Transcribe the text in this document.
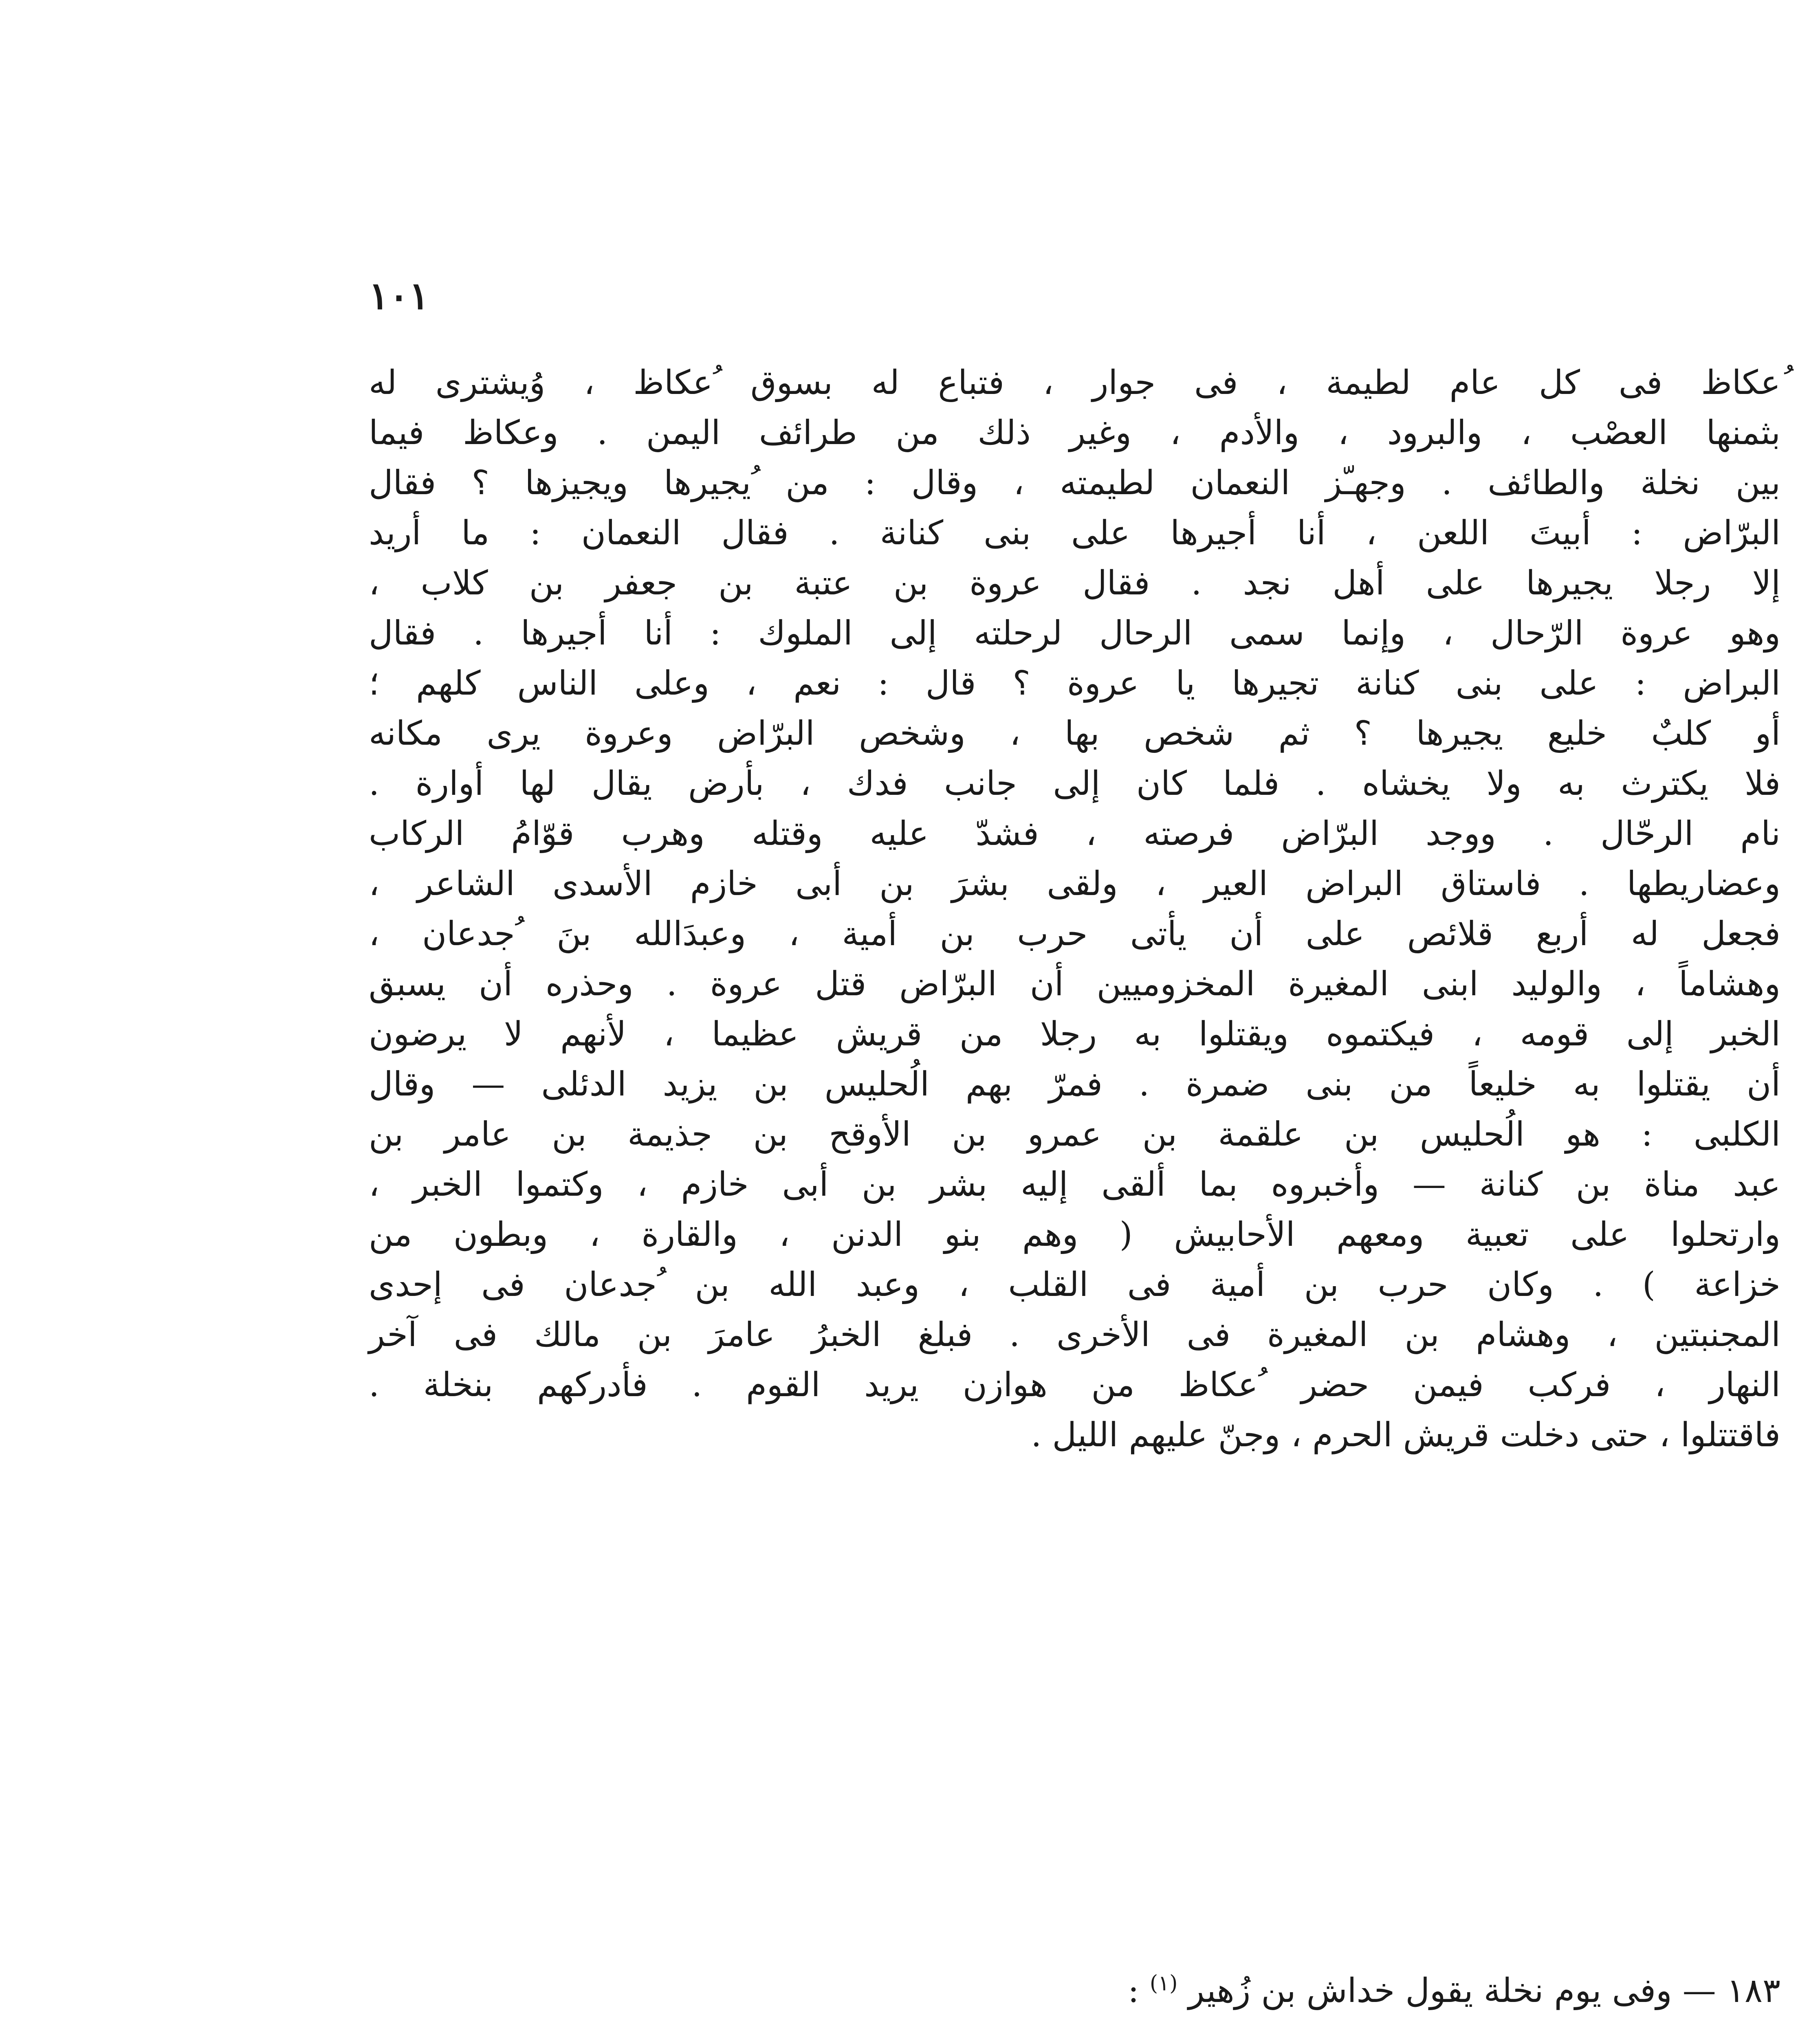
١٠١
ُعكاظ فى كل عام لطيمة ، فى جوار ، فتباع له بسوق ُعكاظ ، وُيشترى له
بثمنها العصْب ، والبرود ، والأدم ، وغير ذلك من طرائف اليمن . وعكاظ فيما
بين نخلة والطائف . وجهـّز النعمان لطيمته ، وقال : من ُيجيرها ويجيزها ؟ فقال
البرّاض : أبيتَ اللعن ، أنا أجيرها على بنى كنانة . فقال النعمان : ما أريد
إلا رجلا يجيرها على أهل نجد . فقال عروة بن عتبة بن جعفر بن كلاب ،
وهو عروة الرّحال ، وإنما سمى الرحال لرحلته إلى الملوك : أنا أجيرها . فقال
البراض : على بنى كنانة تجيرها يا عروة ؟ قال : نعم ، وعلى الناس كلهم ؛
أو كلبٌ خليع يجيرها ؟ ثم شخص بها ، وشخص البرّاض وعروة يرى مكانه
فلا يكترث به ولا يخشاه . فلما كان إلى جانب فدك ، بأرض يقال لها أوارة .
نام الرحّال . ووجد البرّاض فرصته ، فشدّ عليه وقتله وهرب قوّامُ الركاب
وعضاريطها . فاستاق البراض العير ، ولقى بشرَ بن أبى خازم الأسدى الشاعر ،
فجعل له أربع قلائص على أن يأتى حرب بن أمية ، وعبدَالله بنَ ُجدعان ،
وهشاماً ، والوليد ابنى المغيرة المخزوميين أن البرّاض قتل عروة . وحذره أن يسبق
الخبر إلى قومه ، فيكتموه ويقتلوا به رجلا من قريش عظيما ، لأنهم لا يرضون
أن يقتلوا به خليعاً من بنى ضمرة . فمرّ بهم الُحليس بن يزيد الدئلى — وقال
الكلبى : هو الُحليس بن علقمة بن عمرو بن الأوقح بن جذيمة بن عامر بن
عبد مناة بن كنانة — وأخبروه بما ألقى إليه بشر بن أبى خازم ، وكتموا الخبر ،
وارتحلوا على تعبية ومعهم الأحابيش ( وهم بنو الدنن ، والقارة ، وبطون من
خزاعة ) . وكان حرب بن أمية فى القلب ، وعبد الله بن ُجدعان فى إحدى
المجنبتين ، وهشام بن المغيرة فى الأخرى . فبلغ الخبرُ عامرَ بن مالك فى آخر
النهار ، فركب فيمن حضر ُعكاظ من هوازن يريد القوم . فأدركهم بنخلة .
فاقتتلوا ، حتى دخلت قريش الحرم ، وجنّ عليهم الليل .
١٨٣ — وفى يوم نخلة يقول خداش بن زُهير $^{(١)}$ :
